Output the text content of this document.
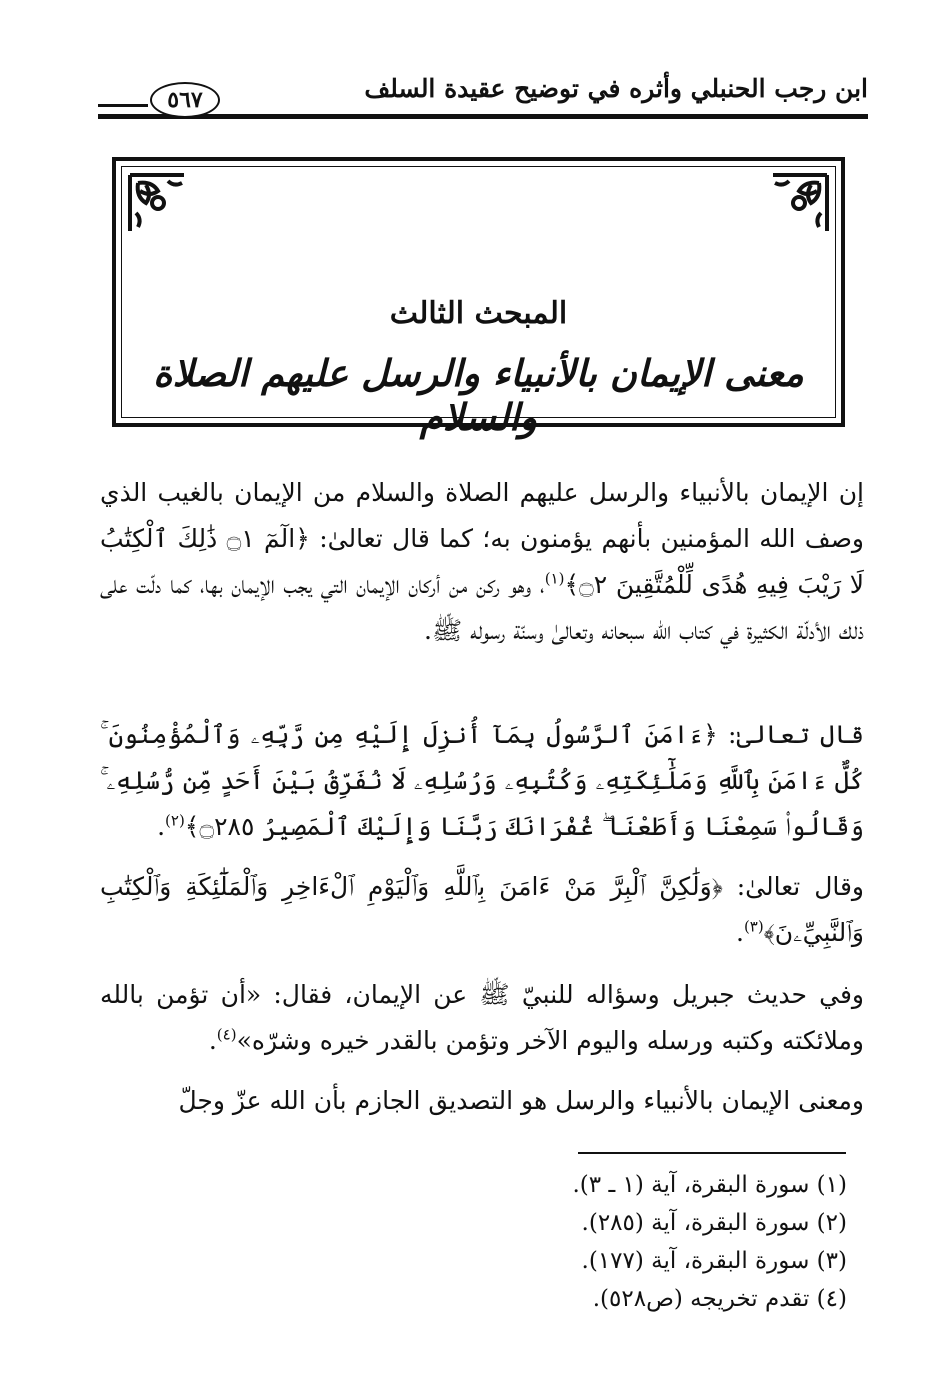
ابن رجب الحنبلي وأثره في توضيح عقيدة السلف
٥٦٧
المبحث الثالث
معنى الإيمان بالأنبياء والرسل عليهم الصلاة والسلام

إن الإيمان بالأنبياء والرسل عليهم الصلاة والسلام من الإيمان بالغيب الذي وصف الله المؤمنين بأنهم يؤمنون به؛ كما قال تعالىٰ: ﴿الٓمٓ ۝١ ذَٰلِكَ ٱلْكِتَٰبُ لَا رَيْبَ فِيهِ هُدًى لِّلْمُتَّقِينَ ۝٢﴾$^{(١)}$، وهو ركن من أركان الإيمان التي يجب الإيمان بها، كما دلّت على ذلك الأدلّة الكثيرة في كتاب الله سبحانه وتعالىٰ وسنّة رسوله ﷺ.

قال تعالىٰ: ﴿ءَامَنَ ٱلرَّسُولُ بِمَآ أُنزِلَ إِلَيْهِ مِن رَّبِّهِۦ وَٱلْمُؤْمِنُونَ ۚ كُلٌّ ءَامَنَ بِٱللَّهِ وَمَلَٰٓئِكَتِهِۦ وَكُتُبِهِۦ وَرُسُلِهِۦ لَا نُفَرِّقُ بَيْنَ أَحَدٍ مِّن رُّسُلِهِۦ ۚ وَقَالُوا۟ سَمِعْنَا وَأَطَعْنَا ۖ غُفْرَانَكَ رَبَّنَا وَإِلَيْكَ ٱلْمَصِيرُ ۝٢٨٥﴾$^{(٢)}$.

وقال تعالىٰ: ﴿وَلَٰكِنَّ ٱلْبِرَّ مَنْ ءَامَنَ بِٱللَّهِ وَٱلْيَوْمِ ٱلْءَاخِرِ وَٱلْمَلَٰٓئِكَةِ وَٱلْكِتَٰبِ وَٱلنَّبِيِّۦنَ﴾$^{(٣)}$.

وفي حديث جبريل وسؤاله للنبيّ ﷺ عن الإيمان، فقال: «أن تؤمن بالله وملائكته وكتبه ورسله واليوم الآخر وتؤمن بالقدر خيره وشرّه»$^{(٤)}$.

ومعنى الإيمان بالأنبياء والرسل هو التصديق الجازم بأن الله عزّ وجلّ

(١) سورة البقرة، آية (١ ـ ٣).
(٢) سورة البقرة، آية (٢٨٥).
(٣) سورة البقرة، آية (١٧٧).
(٤) تقدم تخريجه (ص٥٢٨).
